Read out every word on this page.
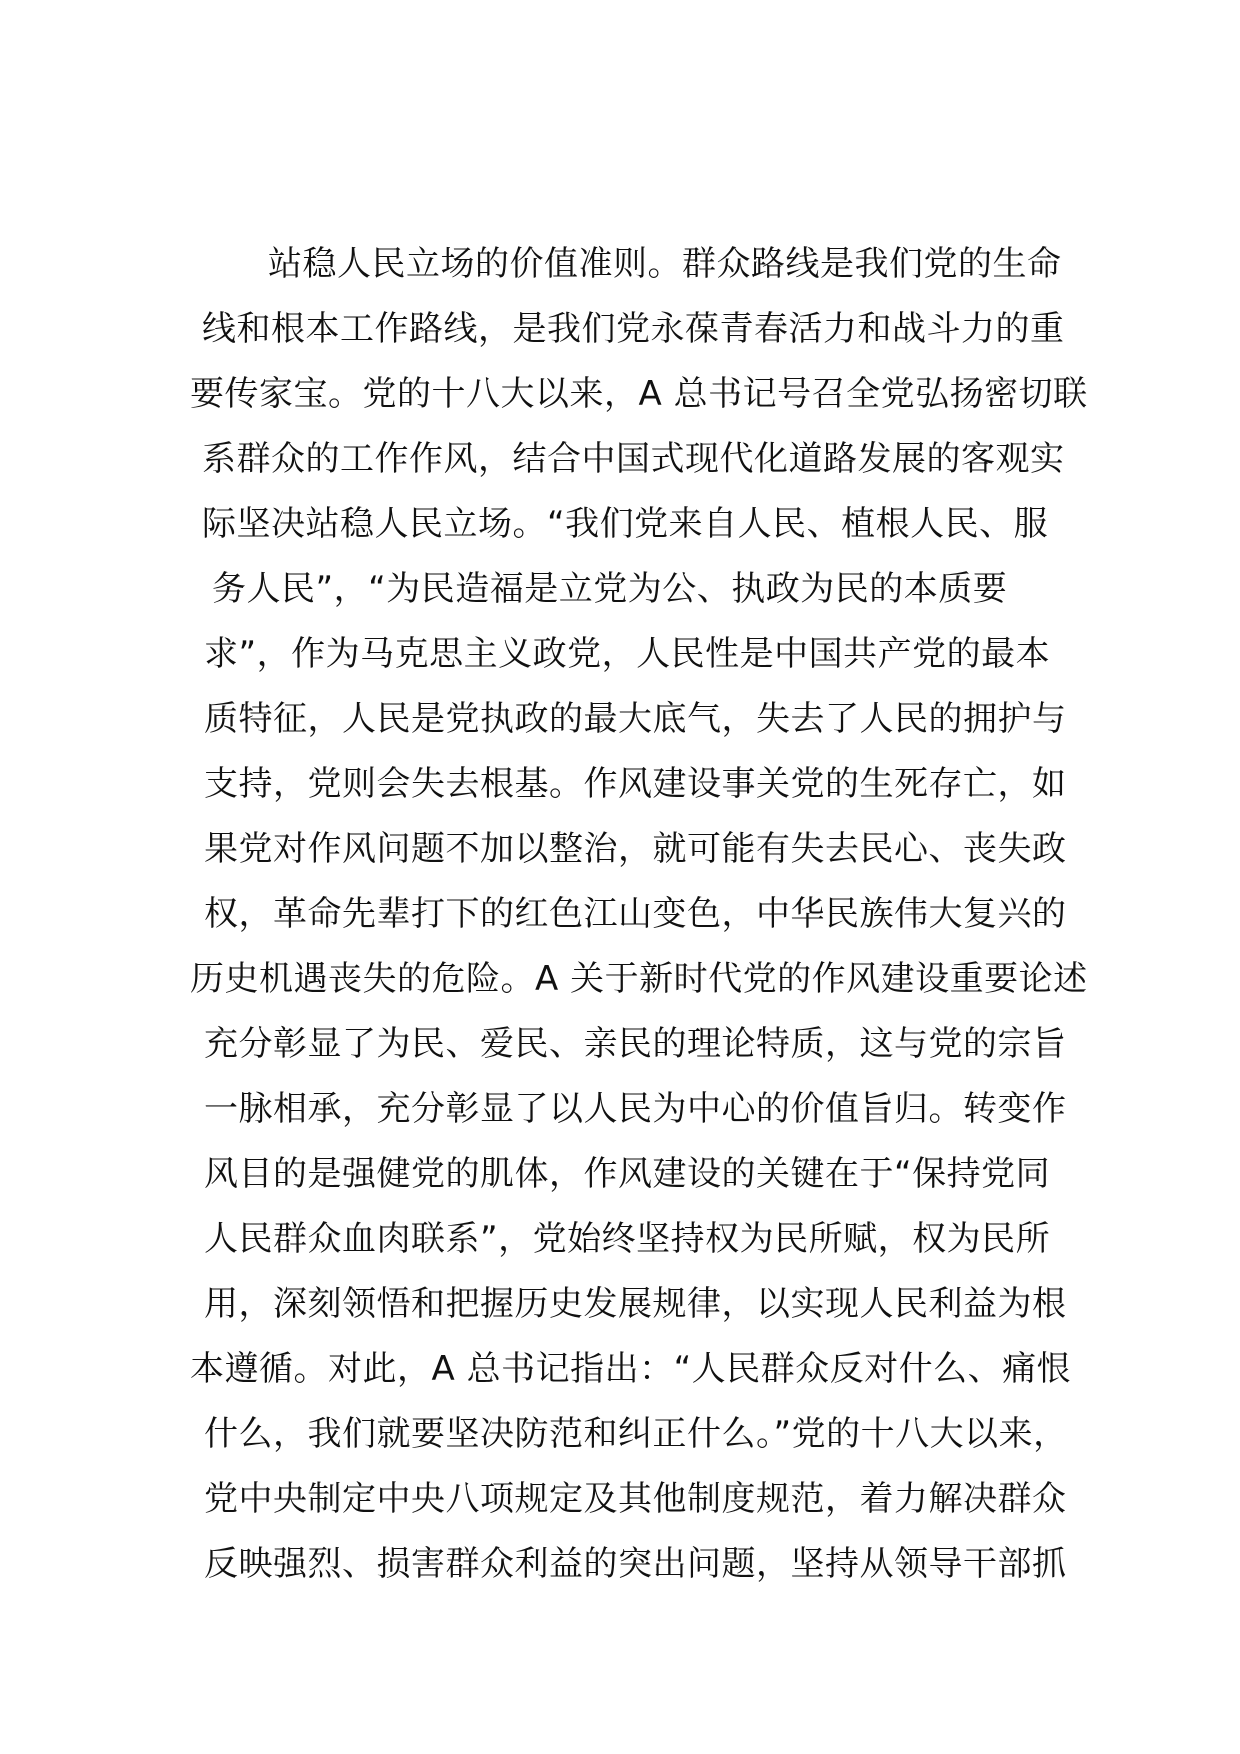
站稳人民立场的价值准则。群众路线是我们党的生命
线和根本工作路线，是我们党永葆青春活力和战斗力的重
要传家宝。党的十八大以来，A 总书记号召全党弘扬密切联
系群众的工作作风，结合中国式现代化道路发展的客观实
际坚决站稳人民立场。“我们党来自人民、植根人民、服
务人民”，“为民造福是立党为公、执政为民的本质要
求”，作为马克思主义政党，人民性是中国共产党的最本
质特征，人民是党执政的最大底气，失去了人民的拥护与
支持，党则会失去根基。作风建设事关党的生死存亡，如
果党对作风问题不加以整治，就可能有失去民心、丧失政
权，革命先辈打下的红色江山变色，中华民族伟大复兴的
历史机遇丧失的危险。A 关于新时代党的作风建设重要论述
充分彰显了为民、爱民、亲民的理论特质，这与党的宗旨
一脉相承，充分彰显了以人民为中心的价值旨归。转变作
风目的是强健党的肌体，作风建设的关键在于“保持党同
人民群众血肉联系”，党始终坚持权为民所赋，权为民所
用，深刻领悟和把握历史发展规律，以实现人民利益为根
本遵循。对此，A 总书记指出：“人民群众反对什么、痛恨
什么，我们就要坚决防范和纠正什么。”党的十八大以来，
党中央制定中央八项规定及其他制度规范，着力解决群众
反映强烈、损害群众利益的突出问题，坚持从领导干部抓
